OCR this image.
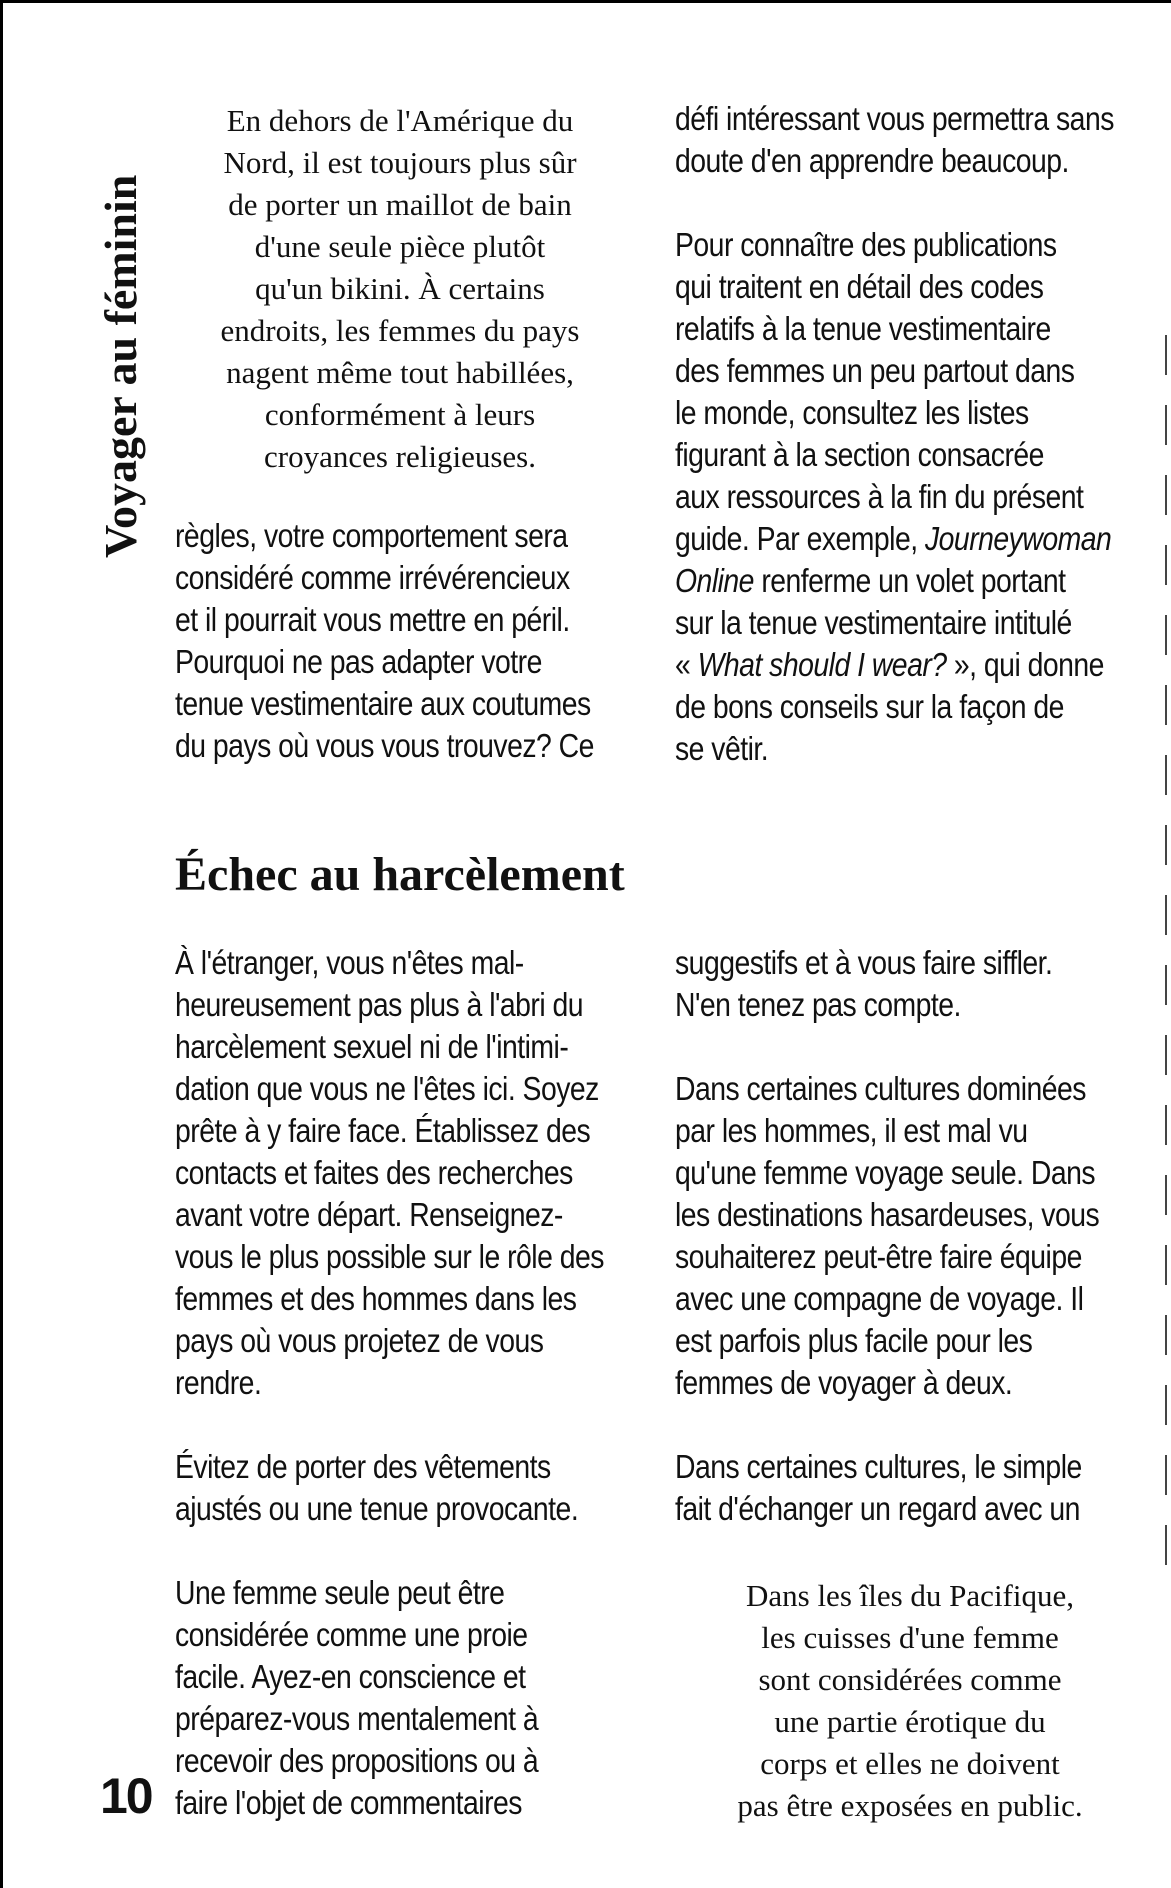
Voyager au féminin
En dehors de l'Amérique du
Nord, il est toujours plus sûr
de porter un maillot de bain
d'une seule pièce plutôt
qu'un bikini. À certains
endroits, les femmes du pays
nagent même tout habillées,
conformément à leurs
croyances religieuses.

règles, votre comportement sera
considéré comme irrévérencieux
et il pourrait vous mettre en péril.
Pourquoi ne pas adapter votre
tenue vestimentaire aux coutumes
du pays où vous vous trouvez? Ce

défi intéressant vous permettra sans
doute d'en apprendre beaucoup.

Pour connaître des publications
qui traitent en détail des codes
relatifs à la tenue vestimentaire
des femmes un peu partout dans
le monde, consultez les listes
figurant à la section consacrée
aux ressources à la fin du présent
guide. Par exemple, Journeywoman
Online renferme un volet portant
sur la tenue vestimentaire intitulé
« What should I wear? », qui donne
de bons conseils sur la façon de
se vêtir.

Échec au harcèlement

À l'étranger, vous n'êtes mal-
heureusement pas plus à l'abri du
harcèlement sexuel ni de l'intimi-
dation que vous ne l'êtes ici. Soyez
prête à y faire face. Établissez des
contacts et faites des recherches
avant votre départ. Renseignez-
vous le plus possible sur le rôle des
femmes et des hommes dans les
pays où vous projetez de vous
rendre.

Évitez de porter des vêtements
ajustés ou une tenue provocante.

Une femme seule peut être
considérée comme une proie
facile. Ayez-en conscience et
préparez-vous mentalement à
recevoir des propositions ou à
faire l'objet de commentaires

suggestifs et à vous faire siffler.
N'en tenez pas compte.

Dans certaines cultures dominées
par les hommes, il est mal vu
qu'une femme voyage seule. Dans
les destinations hasardeuses, vous
souhaiterez peut-être faire équipe
avec une compagne de voyage. Il
est parfois plus facile pour les
femmes de voyager à deux.

Dans certaines cultures, le simple
fait d'échanger un regard avec un

Dans les îles du Pacifique,
les cuisses d'une femme
sont considérées comme
une partie érotique du
corps et elles ne doivent
pas être exposées en public.
10
